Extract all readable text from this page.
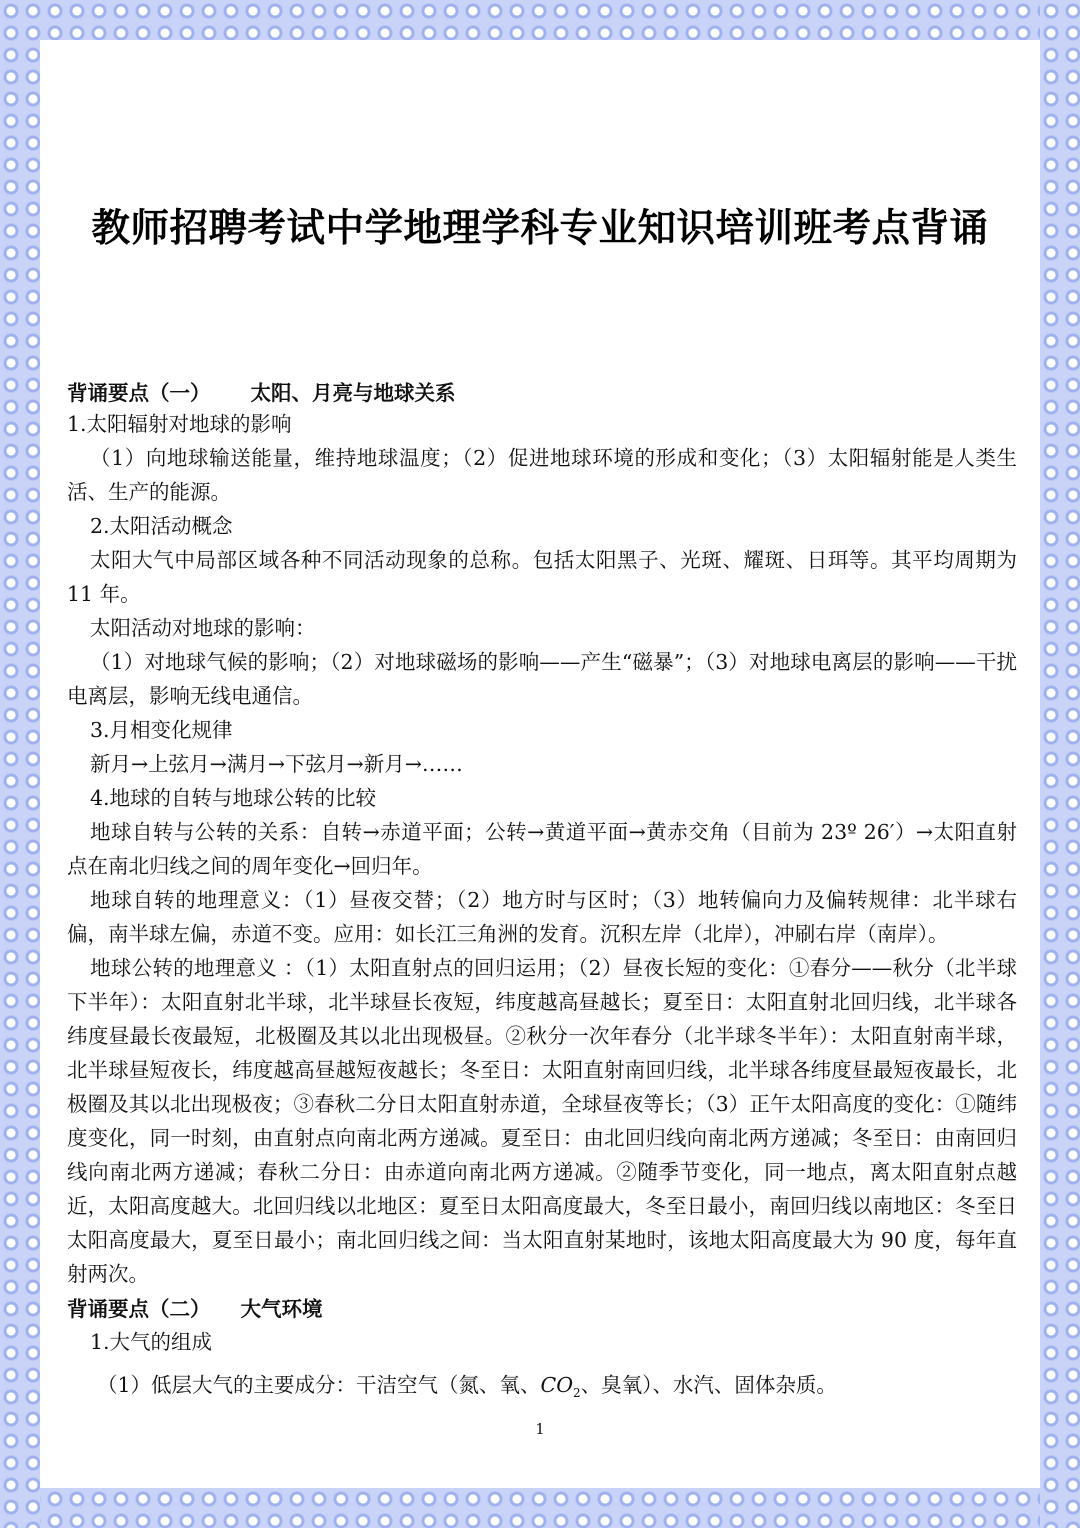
教师招聘考试中学地理学科专业知识培训班考点背诵
背诵要点（一） 太阳、月亮与地球关系
1.太阳辐射对地球的影响
（1）向地球输送能量，维持地球温度；（2）促进地球环境的形成和变化；（3）太阳辐射能是人类生活、生产的能源。
2.太阳活动概念
太阳大气中局部区域各种不同活动现象的总称。包括太阳黑子、光斑、耀斑、日珥等。其平均周期为 11 年。
太阳活动对地球的影响：
（1）对地球气候的影响；（2）对地球磁场的影响——产生“磁暴”；（3）对地球电离层的影响——干扰电离层，影响无线电通信。
3.月相变化规律
新月→上弦月→满月→下弦月→新月→……
4.地球的自转与地球公转的比较
地球自转与公转的关系：自转→赤道平面；公转→黄道平面→黄赤交角（目前为 23º 26′）→太阳直射点在南北归线之间的周年变化→回归年。
地球自转的地理意义：（1）昼夜交替；（2）地方时与区时；（3）地转偏向力及偏转规律：北半球右偏，南半球左偏，赤道不变。应用：如长江三角洲的发育。沉积左岸（北岸），冲刷右岸（南岸）。
地球公转的地理意义 ：（1）太阳直射点的回归运用；（2）昼夜长短的变化：①春分——秋分（北半球下半年）：太阳直射北半球，北半球昼长夜短，纬度越高昼越长；夏至日：太阳直射北回归线，北半球各纬度昼最长夜最短，北极圈及其以北出现极昼。②秋分一次年春分（北半球冬半年）：太阳直射南半球，北半球昼短夜长，纬度越高昼越短夜越长；冬至日：太阳直射南回归线，北半球各纬度昼最短夜最长，北极圈及其以北出现极夜；③春秋二分日太阳直射赤道，全球昼夜等长；（3）正午太阳高度的变化：①随纬度变化，同一时刻，由直射点向南北两方递减。夏至日：由北回归线向南北两方递减；冬至日：由南回归线向南北两方递减；春秋二分日：由赤道向南北两方递减。②随季节变化，同一地点，离太阳直射点越近，太阳高度越大。北回归线以北地区：夏至日太阳高度最大，冬至日最小，南回归线以南地区：冬至日太阳高度最大，夏至日最小；南北回归线之间：当太阳直射某地时，该地太阳高度最大为 90 度，每年直射两次。
背诵要点（二） 大气环境
1.大气的组成
（1）低层大气的主要成分：干洁空气（氮、氧、$CO_2$、臭氧）、水汽、固体杂质。
1
